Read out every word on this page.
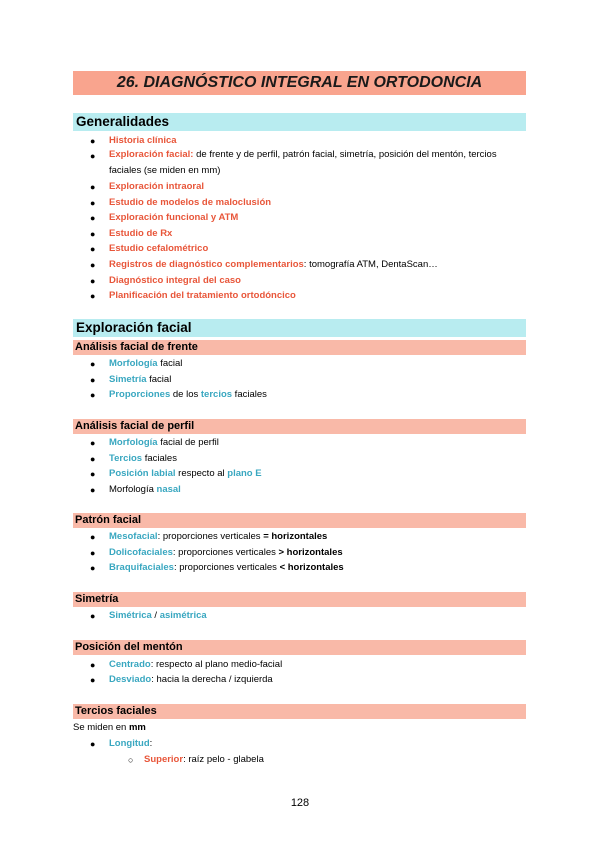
26. DIAGNÓSTICO INTEGRAL EN ORTODONCIA
Generalidades
● Historia clínica
● Exploración facial: de frente y de perfil, patrón facial, simetría, posición del mentón, tercios faciales (se miden en mm)
● Exploración intraoral
● Estudio de modelos de maloclusión
● Exploración funcional y ATM
● Estudio de Rx
● Estudio cefalométrico
● Registros de diagnóstico complementarios: tomografía ATM, DentaScan…
● Diagnóstico integral del caso
● Planificación del tratamiento ortodóncico
Exploración facial
Análisis facial de frente
● Morfología facial
● Simetría facial
● Proporciones de los tercios faciales
Análisis facial de perfil
● Morfología facial de perfil
● Tercios faciales
● Posición labial respecto al plano E
● Morfología nasal
Patrón facial
● Mesofacial: proporciones verticales = horizontales
● Dolicofaciales: proporciones verticales > horizontales
● Braquifaciales: proporciones verticales < horizontales
Simetría
● Simétrica / asimétrica
Posición del mentón
● Centrado: respecto al plano medio-facial
● Desviado: hacia la derecha / izquierda
Tercios faciales
Se miden en mm
● Longitud:
○ Superior: raíz pelo - glabela
128
